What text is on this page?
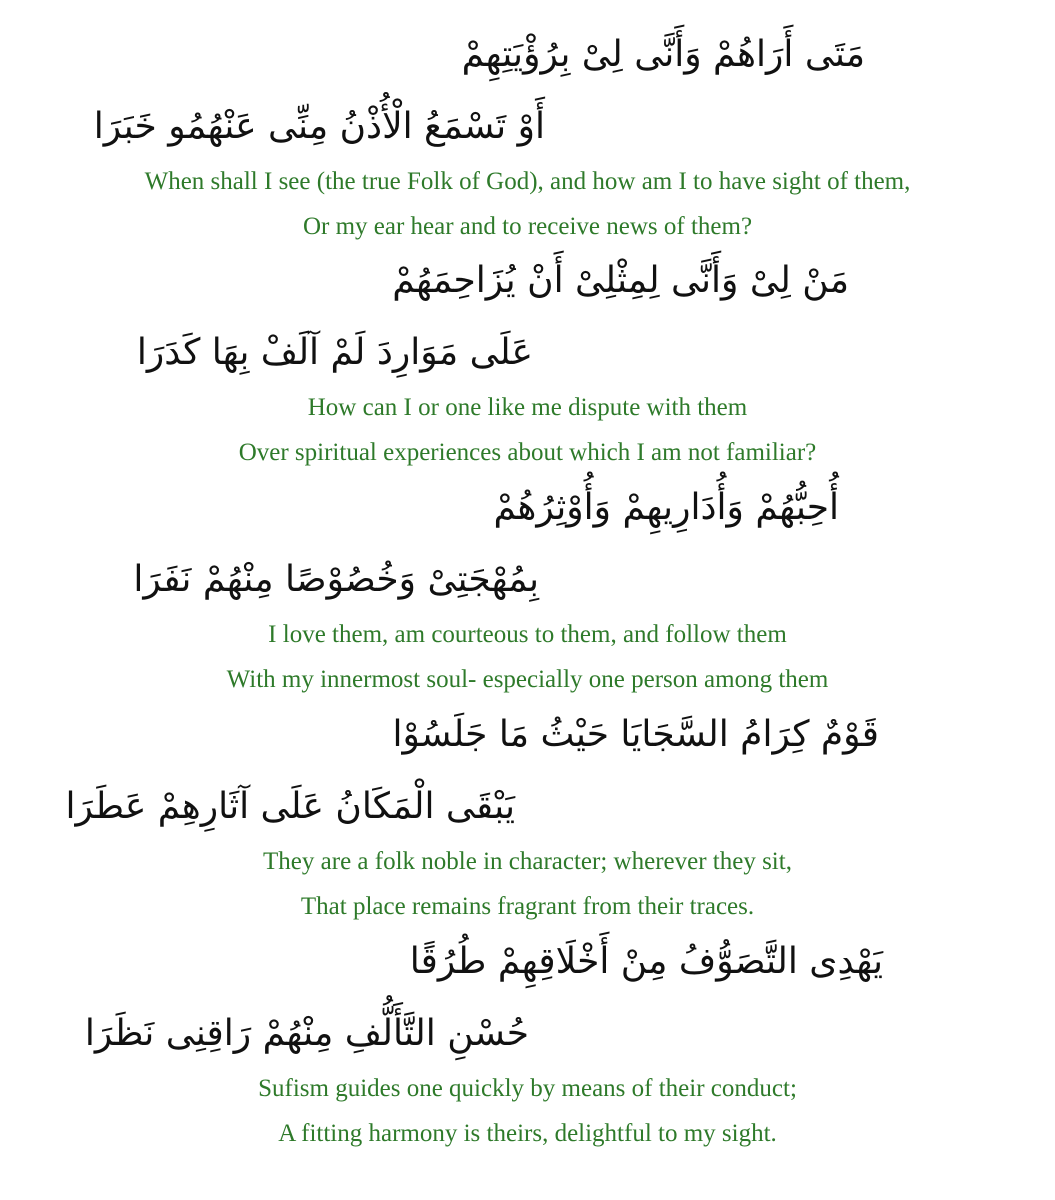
مَتَى أَرَاهُمْ وَأَنَّى لِىْ بِرُؤْيَتِهِمْ
أَوْ تَسْمَعُ الْأُذْنُ مِنِّى عَنْهُمُو خَبَرَا
When shall I see (the true Folk of God), and how am I to have sight of them,
Or my ear hear and to receive news of them?
مَنْ لِىْ وَأَنَّى لِمِثْلِىْ أَنْ يُزَاحِمَهُمْ
عَلَى مَوَارِدَ لَمْ آلَفْ بِهَا كَدَرَا
How can I or one like me dispute with them
Over spiritual experiences about which I am not familiar?
أُحِبُّهُمْ وَأُدَارِيهِمْ وَأُوْثِرُهُمْ
بِمُهْجَتِىْ وَخُصُوْصًا مِنْهُمْ نَفَرَا
I love them, am courteous to them, and follow them
With my innermost soul- especially one person among them
قَوْمٌ كِرَامُ السَّجَايَا حَيْثُ مَا جَلَسُوْا
يَبْقَى الْمَكَانُ عَلَى آثَارِهِمْ عَطَرَا
They are a folk noble in character; wherever they sit,
That place remains fragrant from their traces.
يَهْدِى التَّصَوُّفُ مِنْ أَخْلَاقِهِمْ طُرُقًا
حُسْنِ التَّأَلُّفِ مِنْهُمْ رَاقِنِى نَظَرَا
Sufism guides one quickly by means of their conduct;
A fitting harmony is theirs, delightful to my sight.
